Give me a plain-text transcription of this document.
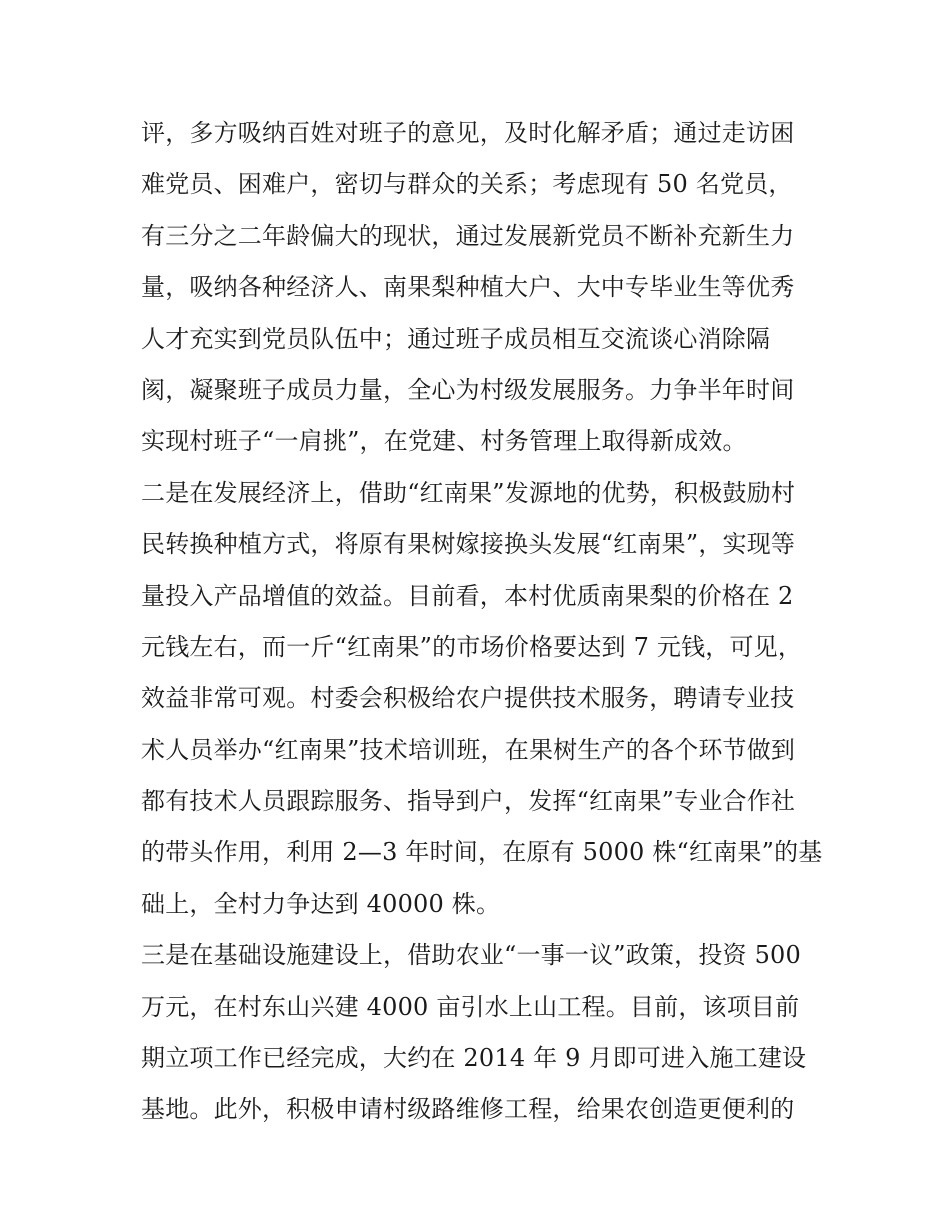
评，多方吸纳百姓对班子的意见，及时化解矛盾；通过走访困
难党员、困难户，密切与群众的关系；考虑现有 50 名党员，
有三分之二年龄偏大的现状，通过发展新党员不断补充新生力
量，吸纳各种经济人、南果梨种植大户、大中专毕业生等优秀
人才充实到党员队伍中；通过班子成员相互交流谈心消除隔
阂，凝聚班子成员力量，全心为村级发展服务。力争半年时间
实现村班子“一肩挑”，在党建、村务管理上取得新成效。
二是在发展经济上，借助“红南果”发源地的优势，积极鼓励村
民转换种植方式，将原有果树嫁接换头发展“红南果”，实现等
量投入产品增值的效益。目前看，本村优质南果梨的价格在 2
元钱左右，而一斤“红南果”的市场价格要达到 7 元钱，可见，
效益非常可观。村委会积极给农户提供技术服务，聘请专业技
术人员举办“红南果”技术培训班，在果树生产的各个环节做到
都有技术人员跟踪服务、指导到户，发挥“红南果”专业合作社
的带头作用，利用 2—3 年时间，在原有 5000 株“红南果”的基
础上，全村力争达到 40000 株。
三是在基础设施建设上，借助农业“一事一议”政策，投资 500
万元，在村东山兴建 4000 亩引水上山工程。目前，该项目前
期立项工作已经完成，大约在 2014 年 9 月即可进入施工建设
基地。此外，积极申请村级路维修工程，给果农创造更便利的
